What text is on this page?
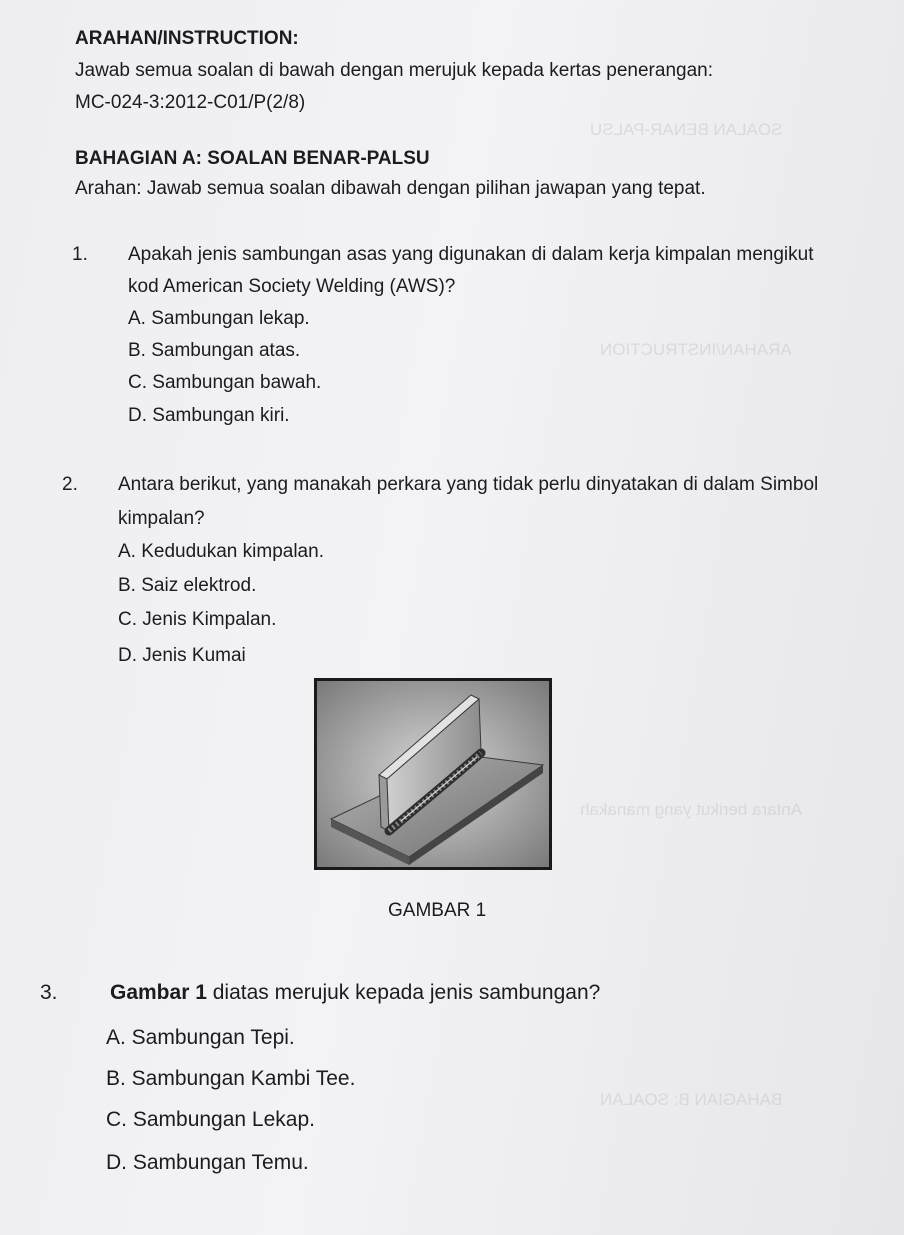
SOALAN BENAR-PALSU
ARAHAN/INSTRUCTION
Antara berikut yang manakah
BAHAGIAN B: SOALAN
ARAHAN/INSTRUCTION:
Jawab semua soalan di bawah dengan merujuk kepada kertas penerangan:
MC-024-3:2012-C01/P(2/8)
BAHAGIAN A: SOALAN BENAR-PALSU
Arahan: Jawab semua soalan dibawah dengan pilihan jawapan yang tepat.
1. Apakah jenis sambungan asas yang digunakan di dalam kerja kimpalan mengikut
kod American Society Welding (AWS)?
A. Sambungan lekap.
B. Sambungan atas.
C. Sambungan bawah.
D. Sambungan kiri.
2. Antara berikut, yang manakah perkara yang tidak perlu dinyatakan di dalam Simbol
kimpalan?
A. Kedudukan kimpalan.
B. Saiz elektrod.
C. Jenis Kimpalan.
D. Jenis Kumai
GAMBAR 1
3. Gambar 1 diatas merujuk kepada jenis sambungan?
A. Sambungan Tepi.
B. Sambungan Kambi Tee.
C. Sambungan Lekap.
D. Sambungan Temu.
